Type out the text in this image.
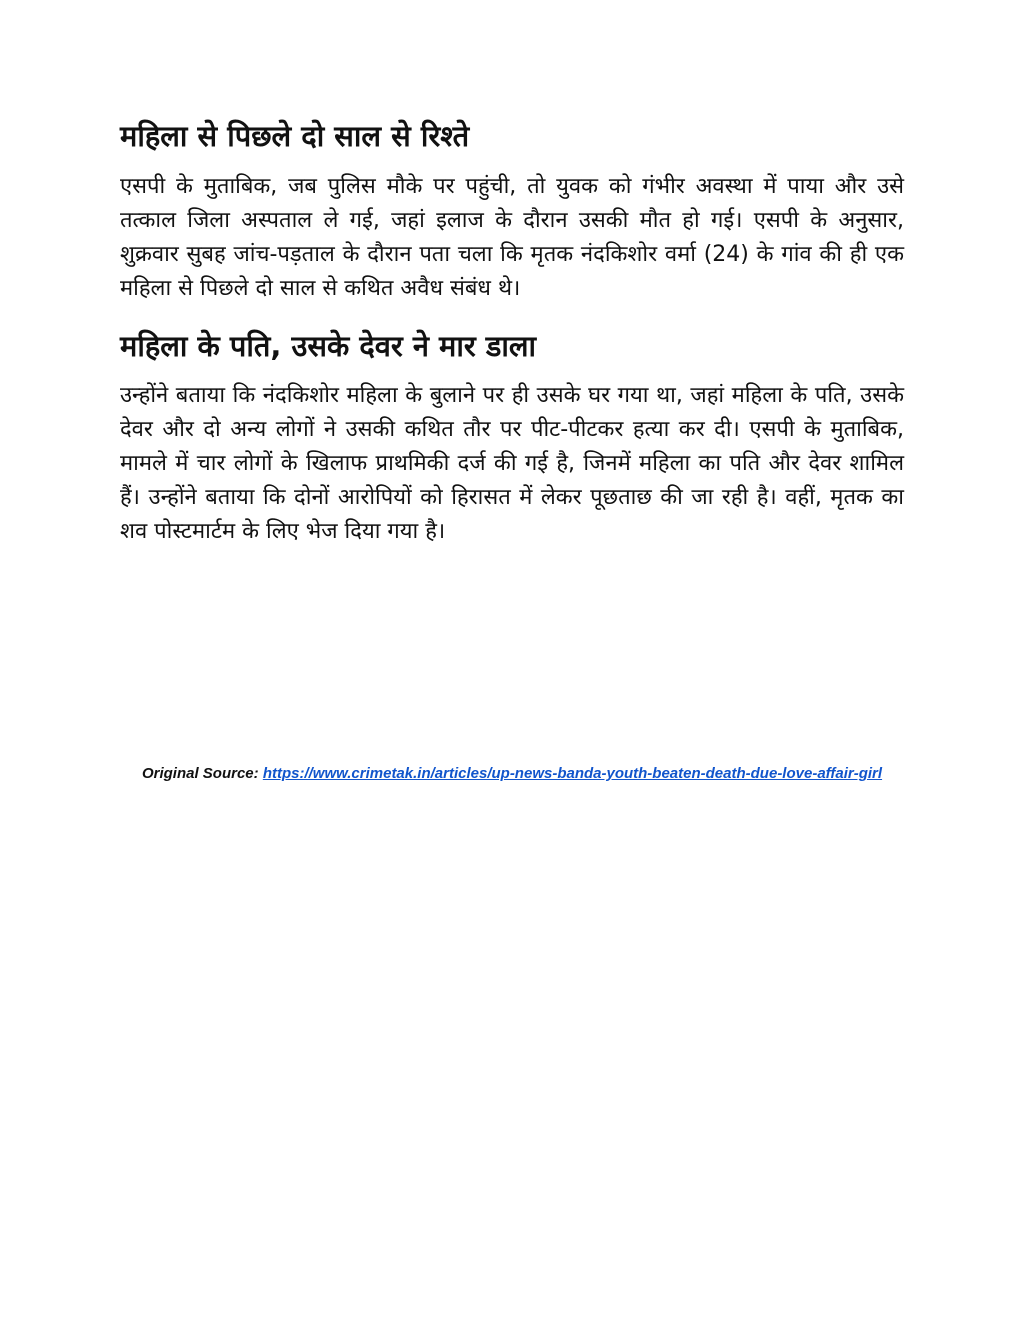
महिला से पिछले दो साल से रिश्ते

एसपी के मुताबिक, जब पुलिस मौके पर पहुंची, तो युवक को गंभीर अवस्था में पाया और उसे तत्काल जिला अस्पताल ले गई, जहां इलाज के दौरान उसकी मौत हो गई। एसपी के अनुसार, शुक्रवार सुबह जांच-पड़ताल के दौरान पता चला कि मृतक नंदकिशोर वर्मा (24) के गांव की ही एक महिला से पिछले दो साल से कथित अवैध संबंध थे।

महिला के पति, उसके देवर ने मार डाला

उन्होंने बताया कि नंदकिशोर महिला के बुलाने पर ही उसके घर गया था, जहां महिला के पति, उसके देवर और दो अन्य लोगों ने उसकी कथित तौर पर पीट-पीटकर हत्या कर दी। एसपी के मुताबिक, मामले में चार लोगों के खिलाफ प्राथमिकी दर्ज की गई है, जिनमें महिला का पति और देवर शामिल हैं। उन्होंने बताया कि दोनों आरोपियों को हिरासत में लेकर पूछताछ की जा रही है। वहीं, मृतक का शव पोस्टमार्टम के लिए भेज दिया गया है।

Original Source: https://www.crimetak.in/articles/up-news-banda-youth-beaten-death-due-love-affair-girl
